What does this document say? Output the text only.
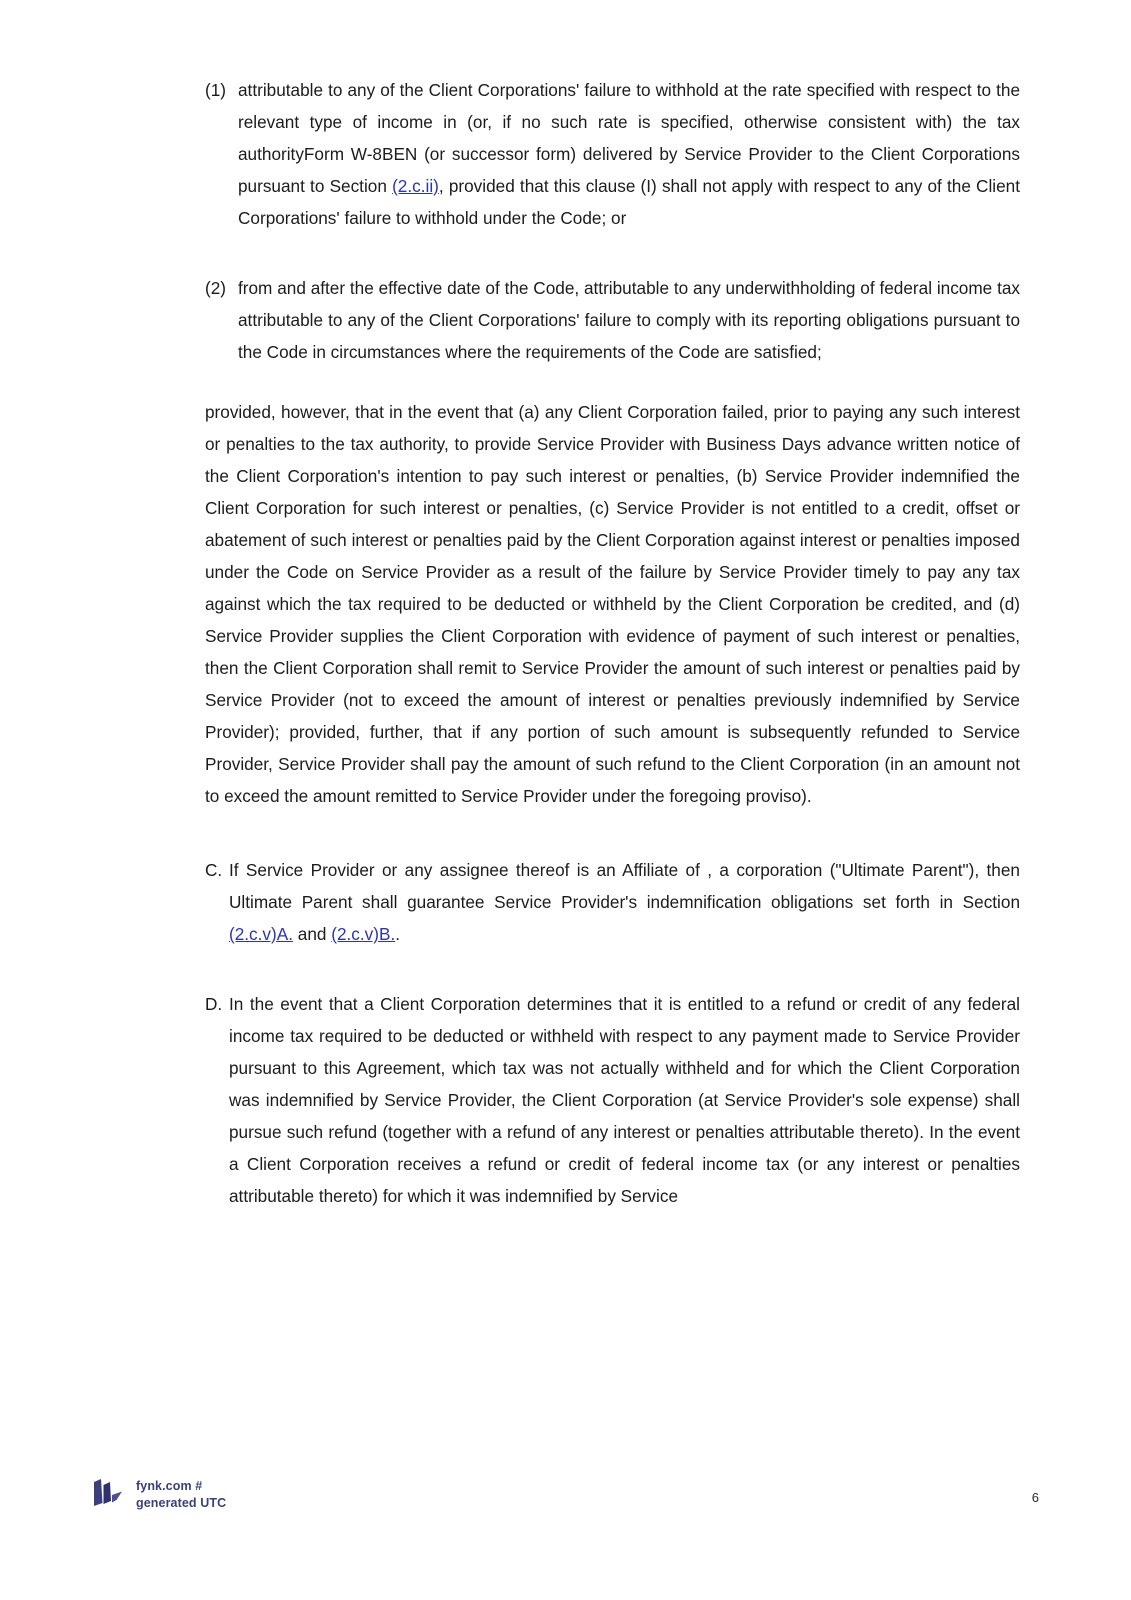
(1) attributable to any of the Client Corporations' failure to withhold at the rate specified with respect to the relevant type of income in (or, if no such rate is specified, otherwise consistent with) the tax authorityForm W-8BEN (or successor form) delivered by Service Provider to the Client Corporations pursuant to Section (2.c.ii), provided that this clause (I) shall not apply with respect to any of the Client Corporations' failure to withhold under the Code; or

(2) from and after the effective date of the Code, attributable to any underwithholding of federal income tax attributable to any of the Client Corporations' failure to comply with its reporting obligations pursuant to the Code in circumstances where the requirements of the Code are satisfied;

provided, however, that in the event that (a) any Client Corporation failed, prior to paying any such interest or penalties to the tax authority, to provide Service Provider with Business Days advance written notice of the Client Corporation's intention to pay such interest or penalties, (b) Service Provider indemnified the Client Corporation for such interest or penalties, (c) Service Provider is not entitled to a credit, offset or abatement of such interest or penalties paid by the Client Corporation against interest or penalties imposed under the Code on Service Provider as a result of the failure by Service Provider timely to pay any tax against which the tax required to be deducted or withheld by the Client Corporation be credited, and (d) Service Provider supplies the Client Corporation with evidence of payment of such interest or penalties, then the Client Corporation shall remit to Service Provider the amount of such interest or penalties paid by Service Provider (not to exceed the amount of interest or penalties previously indemnified by Service Provider); provided, further, that if any portion of such amount is subsequently refunded to Service Provider, Service Provider shall pay the amount of such refund to the Client Corporation (in an amount not to exceed the amount remitted to Service Provider under the foregoing proviso).

C. If Service Provider or any assignee thereof is an Affiliate of , a corporation ("Ultimate Parent"), then Ultimate Parent shall guarantee Service Provider's indemnification obligations set forth in Section (2.c.v)A. and (2.c.v)B..

D. In the event that a Client Corporation determines that it is entitled to a refund or credit of any federal income tax required to be deducted or withheld with respect to any payment made to Service Provider pursuant to this Agreement, which tax was not actually withheld and for which the Client Corporation was indemnified by Service Provider, the Client Corporation (at Service Provider's sole expense) shall pursue such refund (together with a refund of any interest or penalties attributable thereto). In the event a Client Corporation receives a refund or credit of federal income tax (or any interest or penalties attributable thereto) for which it was indemnified by Service

fynk.com #
generated UTC	6
